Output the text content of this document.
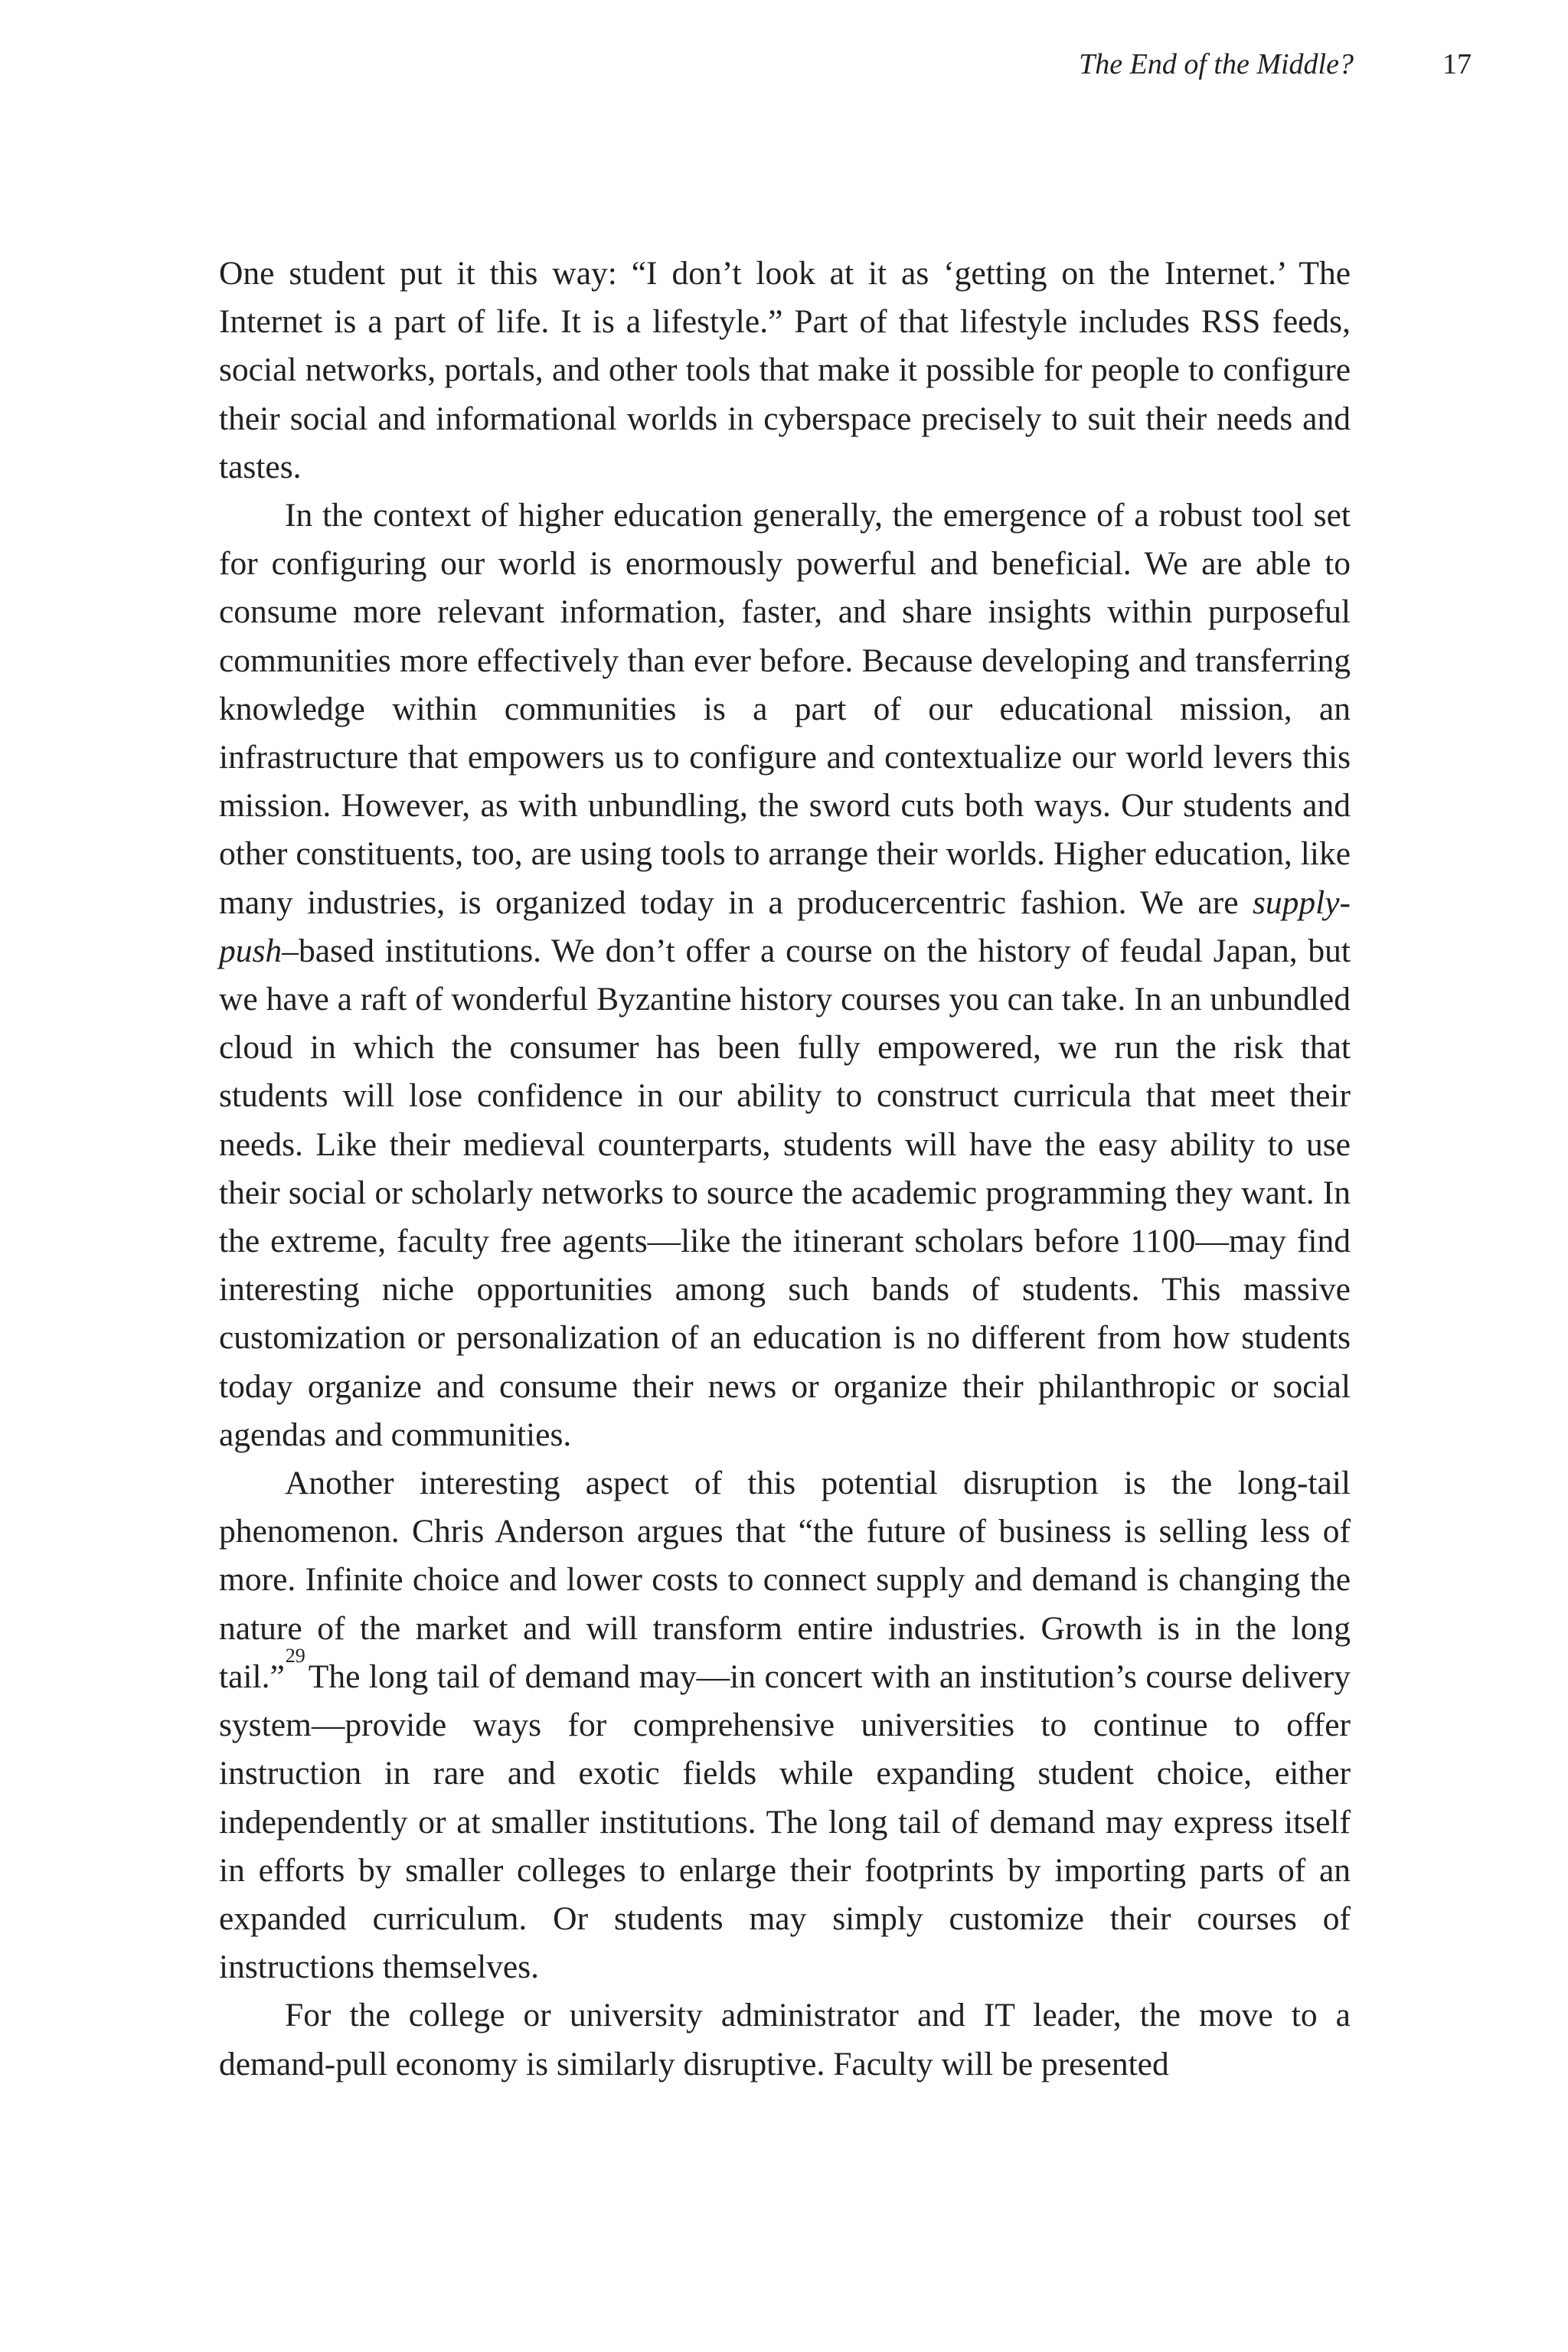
The End of the Middle?	17

One student put it this way: “I don’t look at it as ‘getting on the Internet.’ The Internet is a part of life. It is a lifestyle.” Part of that lifestyle includes RSS feeds, social networks, portals, and other tools that make it possible for people to configure their social and informational worlds in cyberspace precisely to suit their needs and tastes.

In the context of higher education generally, the emergence of a robust tool set for configuring our world is enormously powerful and beneficial. We are able to consume more relevant information, faster, and share insights within purposeful communities more effectively than ever before. Because developing and transferring knowledge within communities is a part of our educational mission, an infrastructure that empowers us to configure and contextualize our world levers this mission. However, as with unbundling, the sword cuts both ways. Our students and other constituents, too, are using tools to arrange their worlds. Higher education, like many industries, is organized today in a producercentric fashion. We are supply-push–based institutions. We don’t offer a course on the history of feudal Japan, but we have a raft of wonderful Byzantine history courses you can take. In an unbundled cloud in which the consumer has been fully empowered, we run the risk that students will lose confidence in our ability to construct curricula that meet their needs. Like their medieval counterparts, students will have the easy ability to use their social or scholarly networks to source the academic programming they want. In the extreme, faculty free agents—like the itinerant scholars before 1100—may find interesting niche opportunities among such bands of students. This massive customization or personalization of an education is no different from how students today organize and consume their news or organize their philanthropic or social agendas and communities.

Another interesting aspect of this potential disruption is the long-tail phenomenon. Chris Anderson argues that “the future of business is selling less of more. Infinite choice and lower costs to connect supply and demand is changing the nature of the market and will transform entire industries. Growth is in the long tail.”$^{29}$The long tail of demand may—in concert with an institution’s course delivery system—provide ways for comprehensive universities to continue to offer instruction in rare and exotic fields while expanding student choice, either independently or at smaller institutions. The long tail of demand may express itself in efforts by smaller colleges to enlarge their footprints by importing parts of an expanded curriculum. Or students may simply customize their courses of instructions themselves.

For the college or university administrator and IT leader, the move to a demand-pull economy is similarly disruptive. Faculty will be presented
